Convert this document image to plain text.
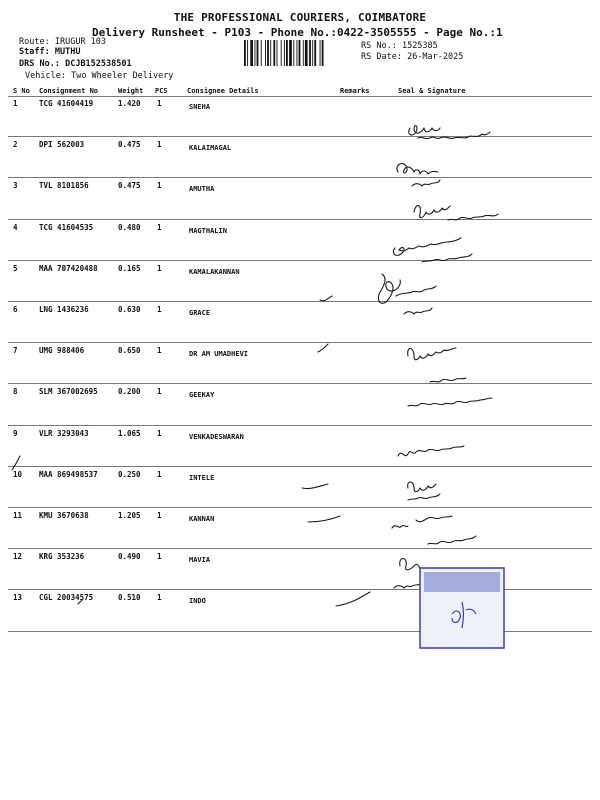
THE PROFESSIONAL COURIERS, COIMBATORE
Delivery Runsheet - P103 - Phone No.:0422-3505555 - Page No.:1
Route: IRUGUR 103
Staff: MUTHU
DRS No.: DCJB152538501
Vehicle: Two Wheeler Delivery
RS No.: 1525385
RS Date: 26-Mar-2025
S No Consignment No	Weight PCS	Consignee Details	Remarks	Seal & Signature
1	TCG 41604419	1.420 1	SNEHA
2	DPI 562003	0.475 1	KALAIMAGAL
3	TVL 8101856	0.475 1	AMUTHA
4	TCG 41604535	0.480 1	MAGTHALIN
5	MAA 707420488	0.165 1	KAMALAKANNAN
6	LNG 1436236	0.630 1	GRACE
7	UMG 988406	0.650 1	DR AM UMADHEVI
8	SLM 367002695	0.200 1	GEEKAY
9	VLR 3293043	1.065 1	VENKADESWARAN
10 MAA 869498537	0.250 1	INTELE
11 KMU 3670638	1.205 1	KANNAN
12 KRG 353236	0.490 1	MAVIA
13 CGL 20034575	0.510 1	INDO
